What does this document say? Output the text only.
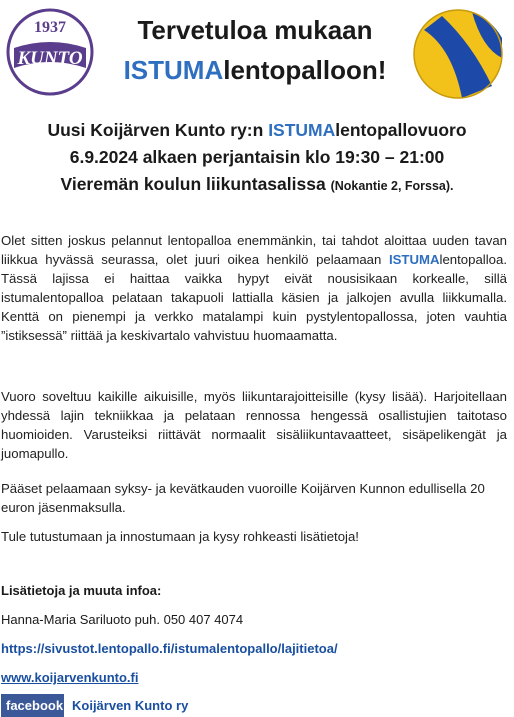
1937
KUNTO
Tervetuloa mukaan
ISTUMAlentopalloon!
Uusi Koijärven Kunto ry:n ISTUMAlentopallovuoro
6.9.2024 alkaen perjantaisin klo 19:30 – 21:00
Vieremän koulun liikuntasalissa (Nokantie 2, Forssa).
Olet sitten joskus pelannut lentopalloa enemmänkin, tai tahdot aloittaa uuden tavan liikkua hyvässä seurassa, olet juuri oikea henkilö pelaamaan ISTUMAlentopalloa. Tässä lajissa ei haittaa vaikka hypyt eivät nousisikaan korkealle, sillä istumalentopalloa pelataan takapuoli lattialla käsien ja jalkojen avulla liikkumalla. Kenttä on pienempi ja verkko matalampi kuin pystylentopallossa, joten vauhtia ”istiksessä” riittää ja keskivartalo vahvistuu huomaamatta.
Vuoro soveltuu kaikille aikuisille, myös liikuntarajoitteisille (kysy lisää). Harjoitellaan yhdessä lajin tekniikkaa ja pelataan rennossa hengessä osallistujien taitotaso huomioiden. Varusteiksi riittävät normaalit sisäliikuntavaatteet, sisäpelikengät ja juomapullo.
Pääset pelaamaan syksy- ja kevätkauden vuoroille Koijärven Kunnon edullisella 20 euron jäsenmaksulla.
Tule tutustumaan ja innostumaan ja kysy rohkeasti lisätietoja!
Lisätietoja ja muuta infoa:
Hanna-Maria Sariluoto puh. 050 407 4074
https://sivustot.lentopallo.fi/istumalentopallo/lajitietoa/
www.koijarvenkunto.fi
facebook Koijärven Kunto ry
